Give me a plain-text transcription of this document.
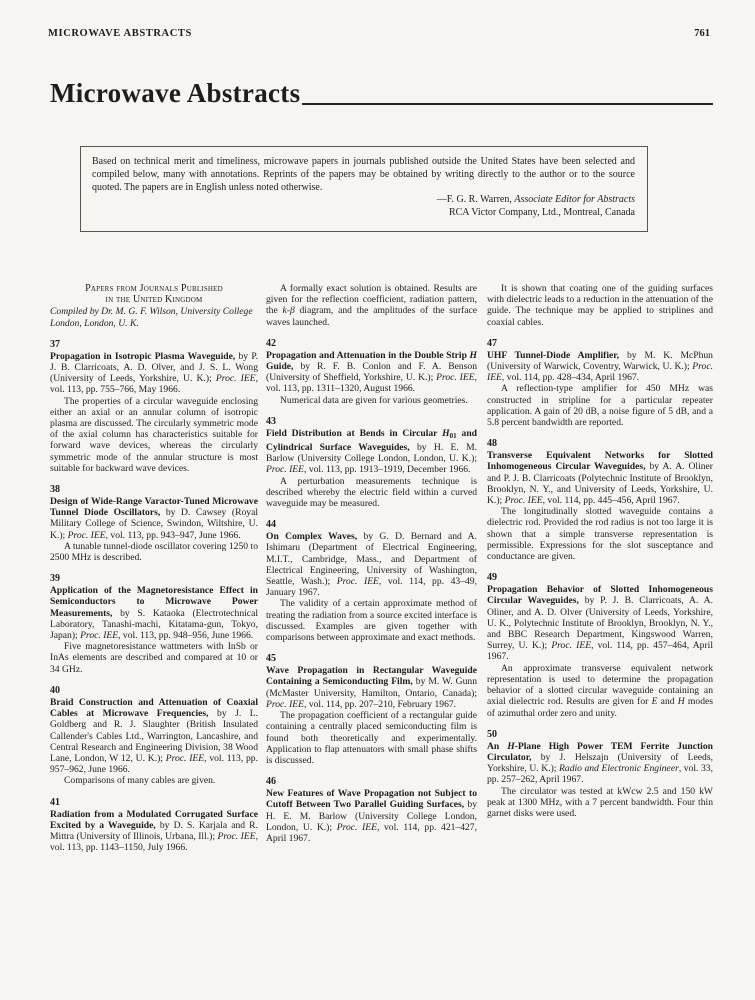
MICROWAVE ABSTRACTS	761
Microwave Abstracts
Based on technical merit and timeliness, microwave papers in journals published outside the United States have been selected and compiled below, many with annotations. Reprints of the papers may be obtained by writing directly to the author or to the source quoted. The papers are in English unless noted otherwise.
—F. G. R. Warren, Associate Editor for Abstracts
RCA Victor Company, Ltd., Montreal, Canada
Papers from Journals Published
in the United Kingdom
Compiled by Dr. M. G. F. Wilson, University College London, London, U. K.
37
Propagation in Isotropic Plasma Waveguide, by P. J. B. Clarricoats, A. D. Olver, and J. S. L. Wong (University of Leeds, Yorkshire, U. K.); Proc. IEE, vol. 113, pp. 755–766, May 1966.
The properties of a circular waveguide enclosing either an axial or an annular column of isotropic plasma are discussed. The circularly symmetric mode of the axial column has characteristics suitable for forward wave devices, whereas the circularly symmetric mode of the annular structure is most suitable for backward wave devices.
38
Design of Wide-Range Varactor-Tuned Microwave Tunnel Diode Oscillators, by D. Cawsey (Royal Military College of Science, Swindon, Wiltshire, U. K.); Proc. IEE, vol. 113, pp. 943–947, June 1966.
A tunable tunnel-diode oscillator covering 1250 to 2500 MHz is described.
39
Application of the Magnetoresistance Effect in Semiconductors to Microwave Power Measurements, by S. Kataoka (Electrotechnical Laboratory, Tanashi-machi, Kitatama-gun, Tokyo, Japan); Proc. IEE, vol. 113, pp. 948–956, June 1966.
Five magnetoresistance wattmeters with InSb or InAs elements are described and compared at 10 or 34 GHz.
40
Braid Construction and Attenuation of Coaxial Cables at Microwave Frequencies, by J. L. Goldberg and R. J. Slaughter (British Insulated Callender's Cables Ltd., Warrington, Lancashire, and Central Research and Engineering Division, 38 Wood Lane, London, W 12, U. K.); Proc. IEE, vol. 113, pp. 957–962, June 1966.
Comparisons of many cables are given.
41
Radiation from a Modulated Corrugated Surface Excited by a Waveguide, by D. S. Karjala and R. Mittra (University of Illinois, Urbana, Ill.); Proc. IEE, vol. 113, pp. 1143–1150, July 1966.
A formally exact solution is obtained. Results are given for the reflection coefficient, radiation pattern, the k-β diagram, and the amplitudes of the surface waves launched.
42
Propagation and Attenuation in the Double Strip H Guide, by R. F. B. Conlon and F. A. Benson (University of Sheffield, Yorkshire, U. K.); Proc. IEE, vol. 113, pp. 1311–1320, August 1966.
Numerical data are given for various geometries.
43
Field Distribution at Bends in Circular $H_{01}$ and Cylindrical Surface Waveguides, by H. E. M. Barlow (University College London, London, U. K.); Proc. IEE, vol. 113, pp. 1913–1919, December 1966.
A perturbation measurements technique is described whereby the electric field within a curved waveguide may be measured.
44
On Complex Waves, by G. D. Bernard and A. Ishimaru (Department of Electrical Engineering, M.I.T., Cambridge, Mass., and Department of Electrical Engineering, University of Washington, Seattle, Wash.); Proc. IEE, vol. 114, pp. 43–49, January 1967.
The validity of a certain approximate method of treating the radiation from a source excited interface is discussed. Examples are given together with comparisons between approximate and exact methods.
45
Wave Propagation in Rectangular Waveguide Containing a Semiconducting Film, by M. W. Gunn (McMaster University, Hamilton, Ontario, Canada); Proc. IEE, vol. 114, pp. 207–210, February 1967.
The propagation coefficient of a rectangular guide containing a centrally placed semiconducting film is found both theoretically and experimentally. Application to flap attenuators with small phase shifts is discussed.
46
New Features of Wave Propagation not Subject to Cutoff Between Two Parallel Guiding Surfaces, by H. E. M. Barlow (University College London, London, U. K.); Proc. IEE, vol. 114, pp. 421–427, April 1967.
It is shown that coating one of the guiding surfaces with dielectric leads to a reduction in the attenuation of the guide. The technique may be applied to striplines and coaxial cables.
47
UHF Tunnel-Diode Amplifier, by M. K. McPhun (University of Warwick, Coventry, Warwick, U. K.); Proc. IEE, vol. 114, pp. 428–434, April 1967.
A reflection-type amplifier for 450 MHz was constructed in stripline for a particular repeater application. A gain of 20 dB, a noise figure of 5 dB, and a 5.8 percent bandwidth are reported.
48
Transverse Equivalent Networks for Slotted Inhomogeneous Circular Waveguides, by A. A. Oliner and P. J. B. Clarricoats (Polytechnic Institute of Brooklyn, Brooklyn, N. Y., and University of Leeds, Yorkshire, U. K.); Proc. IEE, vol. 114, pp. 445–456, April 1967.
The longitudinally slotted waveguide contains a dielectric rod. Provided the rod radius is not too large it is shown that a simple transverse representation is permissible. Expressions for the slot susceptance and conductance are given.
49
Propagation Behavior of Slotted Inhomogeneous Circular Waveguides, by P. J. B. Clarricoats, A. A. Oliner, and A. D. Olver (University of Leeds, Yorkshire, U. K., Polytechnic Institute of Brooklyn, Brooklyn, N. Y., and BBC Research Department, Kingswood Warren, Surrey, U. K.); Proc. IEE, vol. 114, pp. 457–464, April 1967.
An approximate transverse equivalent network representation is used to determine the propagation behavior of a slotted circular waveguide containing an axial dielectric rod. Results are given for E and H modes of azimuthal order zero and unity.
50
An H-Plane High Power TEM Ferrite Junction Circulator, by J. Helszajn (University of Leeds, Yorkshire, U. K.); Radio and Electronic Engineer, vol. 33, pp. 257–262, April 1967.
The circulator was tested at kWcw 2.5 and 150 kW peak at 1300 MHz, with a 7 percent bandwidth. Four thin garnet disks were used.
